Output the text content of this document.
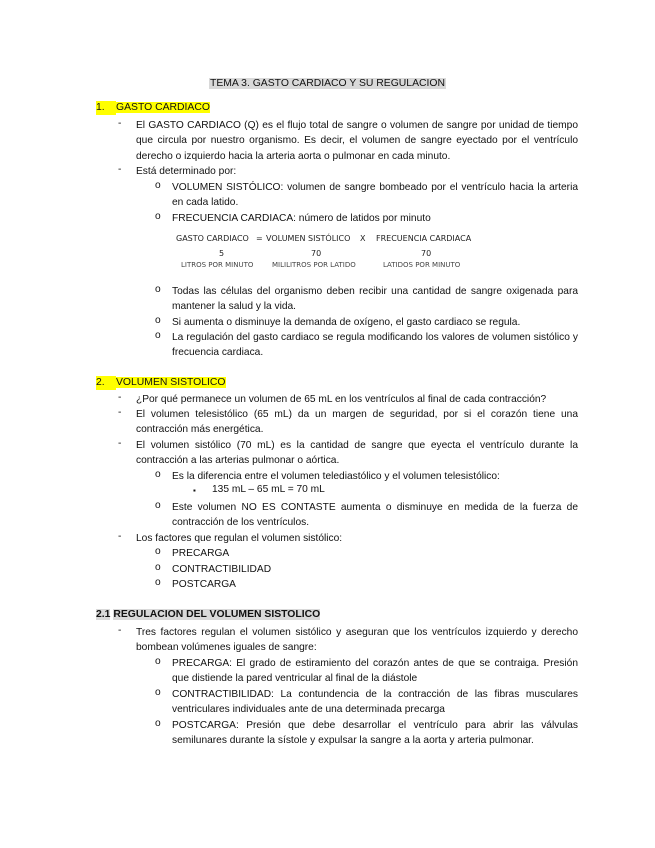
TEMA 3. GASTO CARDIACO Y SU REGULACION
1. GASTO CARDIACO
- El GASTO CARDIACO (Q) es el flujo total de sangre o volumen de sangre por unidad de tiempo que circula por nuestro organismo. Es decir, el volumen de sangre eyectado por el ventrículo derecho o izquierdo hacia la arteria aorta o pulmonar en cada minuto.
- Está determinado por:
o VOLUMEN SISTÓLICO: volumen de sangre bombeado por el ventrículo hacia la arteria en cada latido.
o FRECUENCIA CARDIACA: número de latidos por minuto
GASTO CARDIACO = VOLUMEN SISTÓLICO X FRECUENCIA CARDIACA
5	70	70
LITROS POR MINUTO	MILILITROS POR LATIDO	LATIDOS POR MINUTO
o Todas las células del organismo deben recibir una cantidad de sangre oxigenada para mantener la salud y la vida.
o Si aumenta o disminuye la demanda de oxígeno, el gasto cardiaco se regula.
o La regulación del gasto cardiaco se regula modificando los valores de volumen sistólico y frecuencia cardiaca.
2. VOLUMEN SISTOLICO
- ¿Por qué permanece un volumen de 65 mL en los ventrículos al final de cada contracción?
- El volumen telesistólico (65 mL) da un margen de seguridad, por si el corazón tiene una contracción más energética.
- El volumen sistólico (70 mL) es la cantidad de sangre que eyecta el ventrículo durante la contracción a las arterias pulmonar o aórtica.
o Es la diferencia entre el volumen telediastólico y el volumen telesistólico:
▪ 135 mL – 65 mL = 70 mL
o Este volumen NO ES CONTASTE aumenta o disminuye en medida de la fuerza de contracción de los ventrículos.
- Los factores que regulan el volumen sistólico:
o PRECARGA
o CONTRACTIBILIDAD
o POSTCARGA
2.1 REGULACION DEL VOLUMEN SISTOLICO
- Tres factores regulan el volumen sistólico y aseguran que los ventrículos izquierdo y derecho bombean volúmenes iguales de sangre:
o PRECARGA: El grado de estiramiento del corazón antes de que se contraiga. Presión que distiende la pared ventricular al final de la diástole
o CONTRACTIBILIDAD: La contundencia de la contracción de las fibras musculares ventriculares individuales ante de una determinada precarga
o POSTCARGA: Presión que debe desarrollar el ventrículo para abrir las válvulas semilunares durante la sístole y expulsar la sangre a la aorta y arteria pulmonar.
